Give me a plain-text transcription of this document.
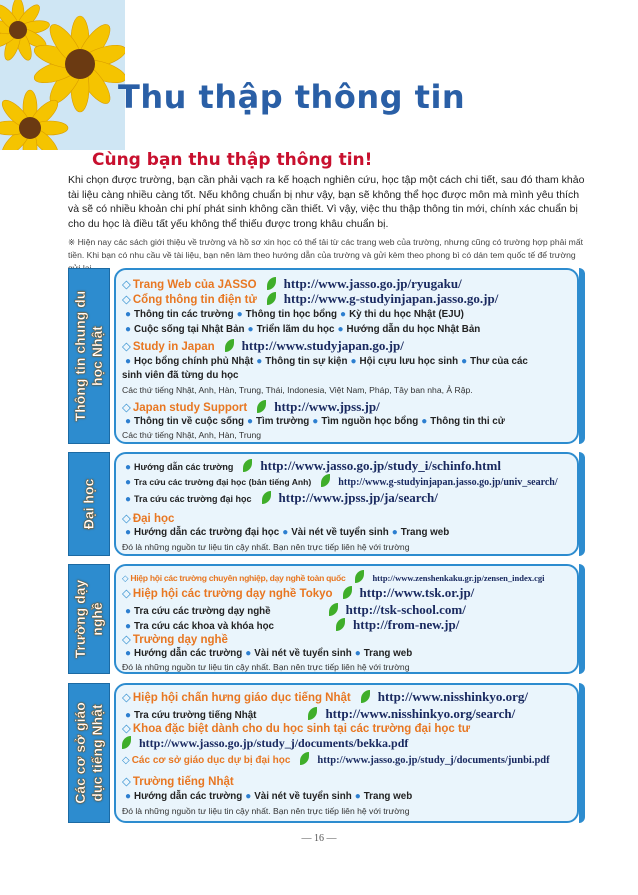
Thu thập thông tin
Cùng bạn thu thập thông tin!
Khi chọn được trường, bạn cần phải vạch ra kế hoạch nghiên cứu, học tập một cách chi tiết, sau đó tham khảo tài liệu càng nhiều càng tốt. Nếu không chuẩn bị như vậy, bạn sẽ không thể học được môn mà mình yêu thích và sẽ có nhiều khoản chi phí phát sinh không cần thiết. Vì vậy, việc thu thập thông tin mới, chính xác chuẩn bị cho du học là điều tất yếu không thể thiếu được trong khâu chuẩn bị.
※ Hiện nay các sách giới thiệu về trường và hồ sơ xin học có thể tải từ các trang web của trường, nhưng cũng có trường hợp phải mất tiền. Khi bạn có nhu cầu về tài liệu, bạn nên làm theo hướng dẫn của trường và gửi kèm theo phong bì có dán tem quốc tế để trường
Thông tin chung du học Nhật
◇ Trang Web của JASSO http://www.jasso.go.jp/ryugaku/
◇ Cổng thông tin điện tử http://www.g-studyinjapan.jasso.go.jp/
● Thông tin các trường ● Thông tin học bổng ● Kỳ thi du học Nhật (EJU)
● Cuộc sống tại Nhật Bản ● Triển lãm du học ● Hướng dẫn du học Nhật Bản
◇ Study in Japan http://www.studyjapan.go.jp/
● Học bổng chính phủ Nhật ● Thông tin sự kiện ● Hội cựu lưu học sinh ● Thư của các
sinh viên đã từng du học
Các thứ tiếng Nhật, Anh, Hàn, Trung, Thái, Indonesia, Việt Nam, Pháp, Tây ban nha, Ả Rập.
◇ Japan study Support http://www.jpss.jp/
● Thông tin về cuộc sống ● Tìm trường ● Tìm nguồn học bổng ● Thông tin thi cử
Các thứ tiếng Nhật, Anh, Hàn, Trung
Đại học
● Hướng dẫn các trường http://www.jasso.go.jp/study_i/schinfo.html
● Tra cứu các trường đại học (bản tiếng Anh)	http://www.g-studyinjapan.jasso.go.jp/univ_search/
● Tra cứu các trường đại học http://www.jpss.jp/ja/search/
◇ Đại học
● Hướng dẫn các trường đại học ● Vài nét về tuyển sinh ● Trang web
Đó là những nguồn tư liệu tin cậy nhất. Bạn nên trực tiếp liên hệ với trường
Trường dạy nghề
◇ Hiệp hội các trường chuyên nghiệp, dạy nghề toàn quốc	http://www.zenshenkaku.gr.jp/zensen_index.cgi
◇ Hiệp hội các trường dạy nghề Tokyo http://www.tsk.or.jp/
● Tra cứu các trường dạy nghề	http://tsk-school.com/
● Tra cứu các khoa và khóa học	http://from-new.jp/
◇ Trường dạy nghề
● Hướng dẫn các trường ● Vài nét về tuyển sinh ● Trang web
Đó là những nguồn tư liệu tin cậy nhất. Bạn nên trực tiếp liên hệ với trường
Các cơ sở giáo dục tiếng Nhật
◇ Hiệp hội chấn hưng giáo dục tiếng Nhật http://www.nisshinkyo.org/
● Tra cứu trường tiếng Nhật	http://www.nisshinkyo.org/search/
◇ Khoa đặc biệt dành cho du học sinh tại các trường đại học tư
http://www.jasso.go.jp/study_j/documents/bekka.pdf
◇ Các cơ sở giáo dục dự bị đại học	http://www.jasso.go.jp/study_j/documents/junbi.pdf
◇ Trường tiếng Nhật
● Hướng dẫn các trường ● Vài nét về tuyển sinh ● Trang web
Đó là những nguồn tư liệu tin cậy nhất. Bạn nên trực tiếp liên hệ với trường
— 16 —
